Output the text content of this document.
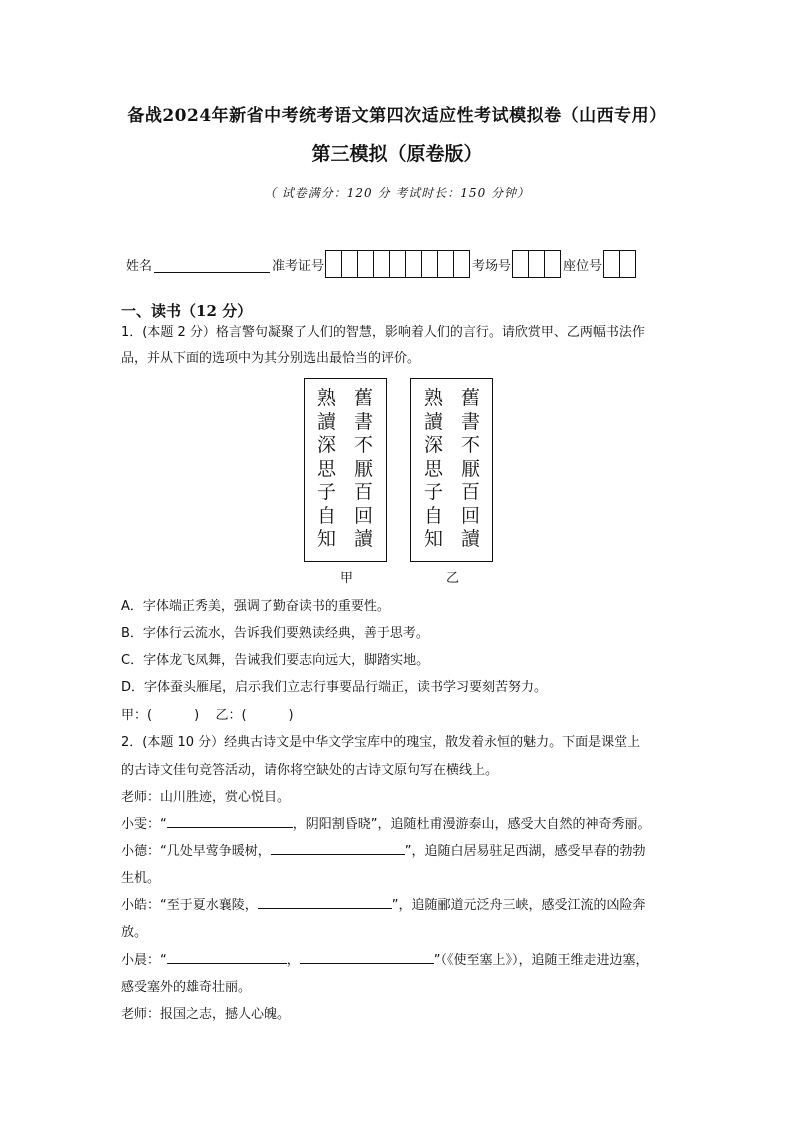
备战2024年新省中考统考语文第四次适应性考试模拟卷（山西专用）
第三模拟（原卷版）
（ 试卷满分：120 分 考试时长：150 分钟）
姓名	准考证号	考场号	座位号
一、读书（12 分）
1．(本题 2 分）格言警句凝聚了人们的智慧，影响着人们的言行。请欣赏甲、乙两幅书法作
品，并从下面的选项中为其分别选出最恰当的评价。
舊
書
不
厭
百
回
讀
熟
讀
深
思
子
自
知
甲
舊
書
不
厭
百
回
讀
熟
讀
深
思
子
自
知
乙
A．字体端正秀美，强调了勤奋读书的重要性。
B．字体行云流水，告诉我们要熟读经典，善于思考。
C．字体龙飞凤舞，告诫我们要志向远大，脚踏实地。
D．字体蚕头雁尾，启示我们立志行事要品行端正，读书学习要刻苦努力。
甲：(	) 乙：(	)
2．(本题 10 分）经典古诗文是中华文学宝库中的瑰宝，散发着永恒的魅力。下面是课堂上
的古诗文佳句竞答活动，请你将空缺处的古诗文原句写在横线上。
老师：山川胜迹，赏心悦目。
小雯：“	，阴阳割昏晓”，追随杜甫漫游泰山，感受大自然的神奇秀丽。
小德：“几处早莺争暖树，	”，追随白居易驻足西湖，感受早春的勃勃
生机。
小皓：“至于夏水襄陵，	”，追随郦道元泛舟三峡，感受江流的凶险奔
放。
小晨：“	，	”（《使至塞上》），追随王维走进边塞，
感受塞外的雄奇壮丽。
老师：报国之志，撼人心魄。
